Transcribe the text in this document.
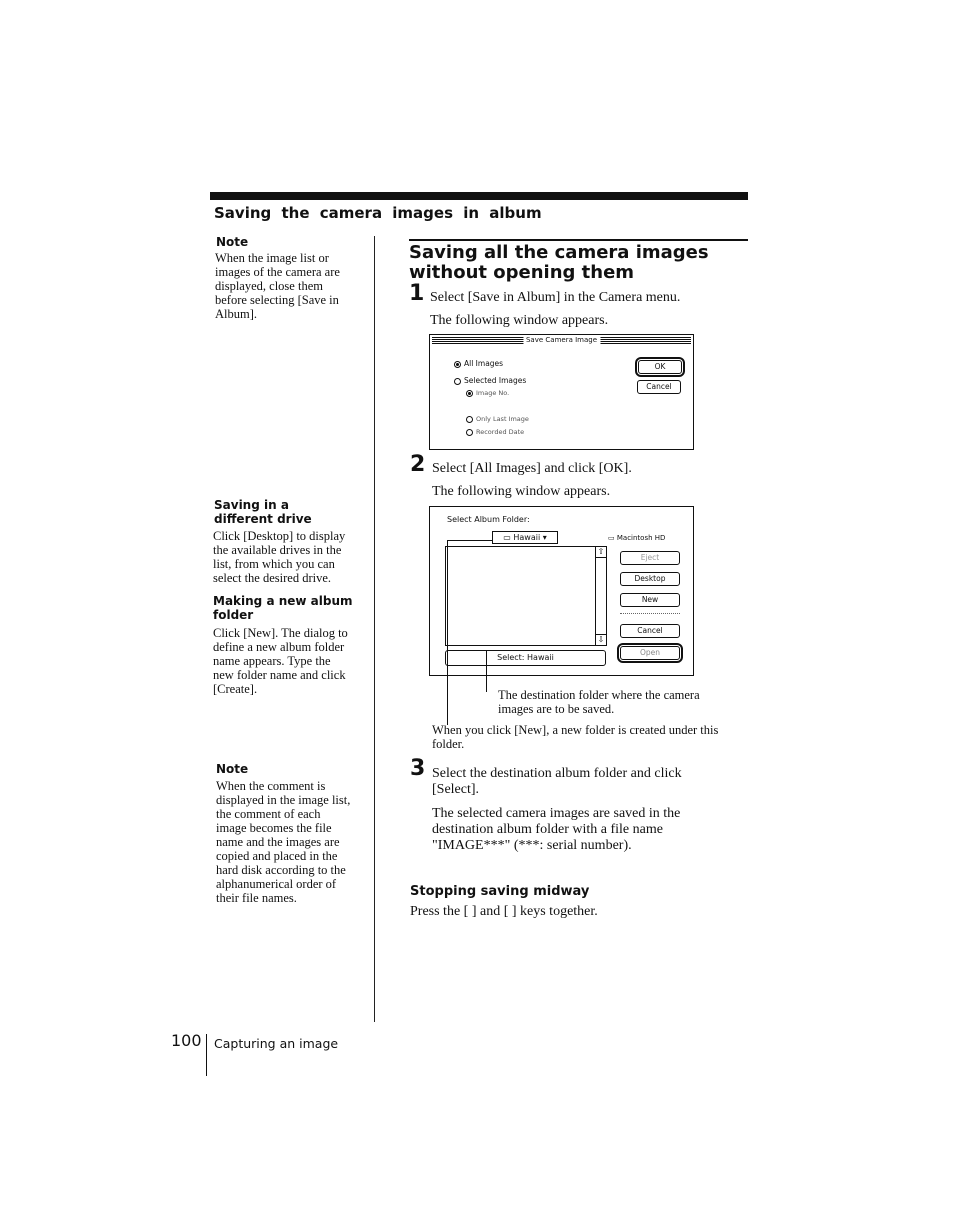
Saving the camera images in album
Note
When the image list or images of the camera are displayed, close them before selecting [Save in Album].
Saving in a different drive
Click [Desktop] to display the available drives in the list, from which you can select the desired drive.
Making a new album folder
Click [New]. The dialog to define a new album folder name appears. Type the new folder name and click [Create].
Note
When the comment is displayed in the image list, the comment of each image becomes the file name and the images are copied and placed in the hard disk according to the alphanumerical order of their file names.
Saving all the camera images without opening them
1 Select [Save in Album] in the Camera menu.
The following window appears.
Save Camera Image
All Images
Selected Images
Image No.
Only Last Image
Recorded Date
OK
Cancel
2 Select [All Images] and click [OK].
The following window appears.
Select Album Folder:
▭ Hawaii ▾	▭ Macintosh HD
⇧
⇩
Eject
Desktop
New
Cancel
Open
Select: Hawaii
The destination folder where the camera images are to be saved.
When you click [New], a new folder is created under this folder.
3 Select the destination album folder and click [Select].
The selected camera images are saved in the destination album folder with a file name "IMAGE***" (***: serial number).
Stopping saving midway
Press the [ ] and [ ] keys together.
100 Capturing an image
